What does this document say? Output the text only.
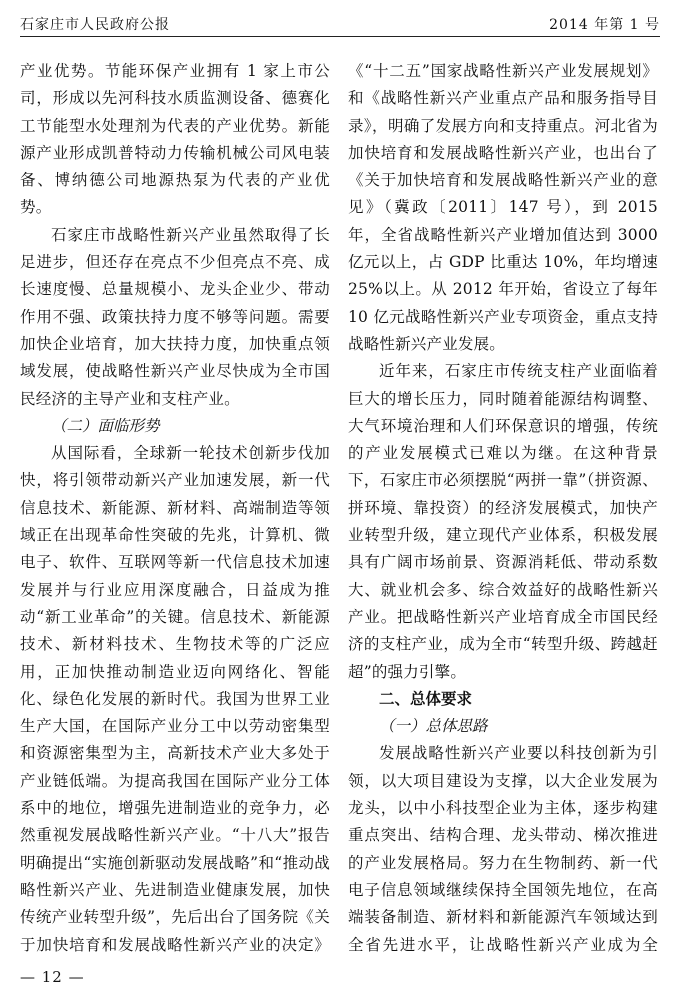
石家庄市人民政府公报	2014 年第 1 号

产业优势。节能环保产业拥有 1 家上市公司，形成以先河科技水质监测设备、德赛化工节能型水处理剂为代表的产业优势。新能源产业形成凯普特动力传输机械公司风电装备、博纳德公司地源热泵为代表的产业优势。

石家庄市战略性新兴产业虽然取得了长足进步，但还存在亮点不少但亮点不亮、成长速度慢、总量规模小、龙头企业少、带动作用不强、政策扶持力度不够等问题。需要加快企业培育，加大扶持力度，加快重点领域发展，使战略性新兴产业尽快成为全市国民经济的主导产业和支柱产业。

（二）面临形势

从国际看，全球新一轮技术创新步伐加快，将引领带动新兴产业加速发展，新一代信息技术、新能源、新材料、高端制造等领域正在出现革命性突破的先兆，计算机、微电子、软件、互联网等新一代信息技术加速发展并与行业应用深度融合，日益成为推动“新工业革命”的关键。信息技术、新能源技术、新材料技术、生物技术等的广泛应用，正加快推动制造业迈向网络化、智能化、绿色化发展的新时代。我国为世界工业生产大国，在国际产业分工中以劳动密集型和资源密集型为主，高新技术产业大多处于产业链低端。为提高我国在国际产业分工体系中的地位，增强先进制造业的竞争力，必然重视发展战略性新兴产业。“十八大”报告明确提出“实施创新驱动发展战略”和“推动战略性新兴产业、先进制造业健康发展，加快传统产业转型升级”，先后出台了国务院《关于加快培育和发展战略性新兴产业的决定》

《“十二五”国家战略性新兴产业发展规划》和《战略性新兴产业重点产品和服务指导目录》，明确了发展方向和支持重点。河北省为加快培育和发展战略性新兴产业，也出台了《关于加快培育和发展战略性新兴产业的意见》（冀政〔2011〕147 号），到 2015 年，全省战略性新兴产业增加值达到 3000 亿元以上，占 GDP 比重达 10%，年均增速 25%以上。从 2012 年开始，省设立了每年 10 亿元战略性新兴产业专项资金，重点支持战略性新兴产业发展。

近年来，石家庄市传统支柱产业面临着巨大的增长压力，同时随着能源结构调整、大气环境治理和人们环保意识的增强，传统的产业发展模式已难以为继。在这种背景下，石家庄市必须摆脱“两拼一靠”（拼资源、拼环境、靠投资）的经济发展模式，加快产业转型升级，建立现代产业体系，积极发展具有广阔市场前景、资源消耗低、带动系数大、就业机会多、综合效益好的战略性新兴产业。把战略性新兴产业培育成全市国民经济的支柱产业，成为全市“转型升级、跨越赶超”的强力引擎。

二、总体要求

（一）总体思路

发展战略性新兴产业要以科技创新为引领，以大项目建设为支撑，以大企业发展为龙头，以中小科技型企业为主体，逐步构建重点突出、结构合理、龙头带动、梯次推进的产业发展格局。努力在生物制药、新一代电子信息领域继续保持全国领先地位，在高端装备制造、新材料和新能源汽车领域达到全省先进水平，让战略性新兴产业成为全

— 12 —
